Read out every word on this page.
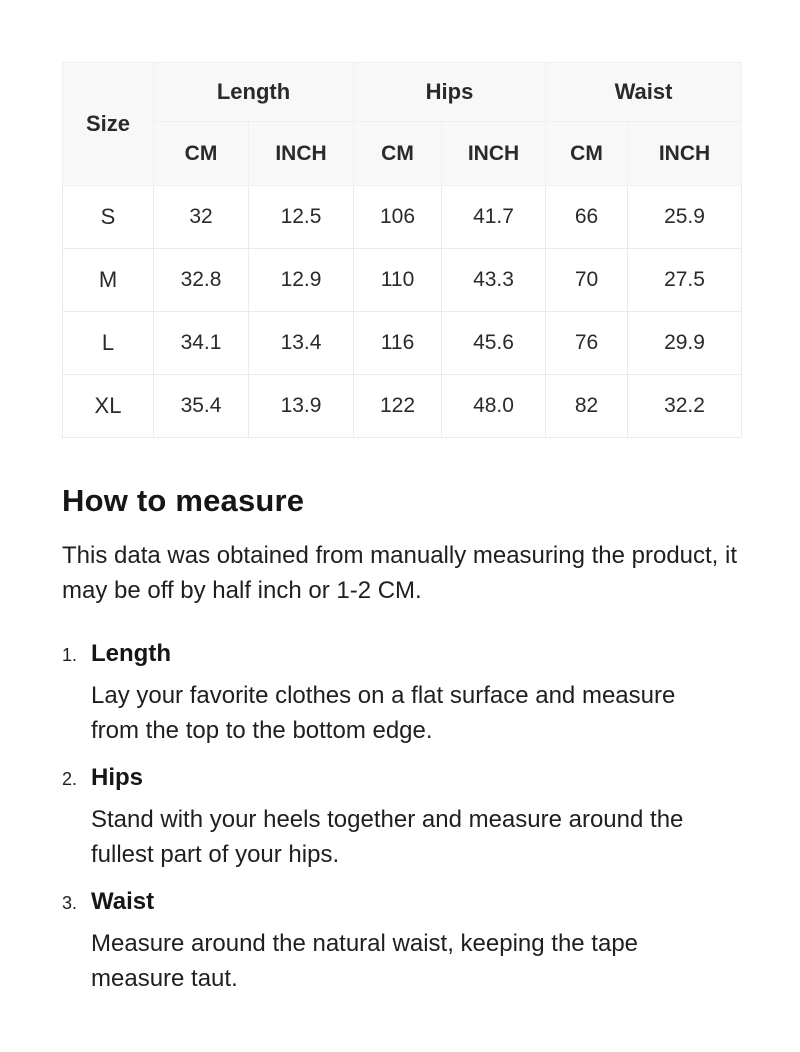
Size	Length		Hips		Waist	
	CM	INCH	CM	INCH	CM	INCH
S	32	12.5	106	41.7	66	25.9
M	32.8	12.9	110	43.3	70	27.5
L	34.1	13.4	116	45.6	76	29.9
XL	35.4	13.9	122	48.0	82	32.2
How to measure

This data was obtained from manually measuring the product, it may be off by half inch or 1-2 CM.

1. Length

Lay your favorite clothes on a flat surface and measure from the top to the bottom edge.

2. Hips

Stand with your heels together and measure around the fullest part of your hips.

3. Waist

Measure around the natural waist, keeping the tape measure taut.
